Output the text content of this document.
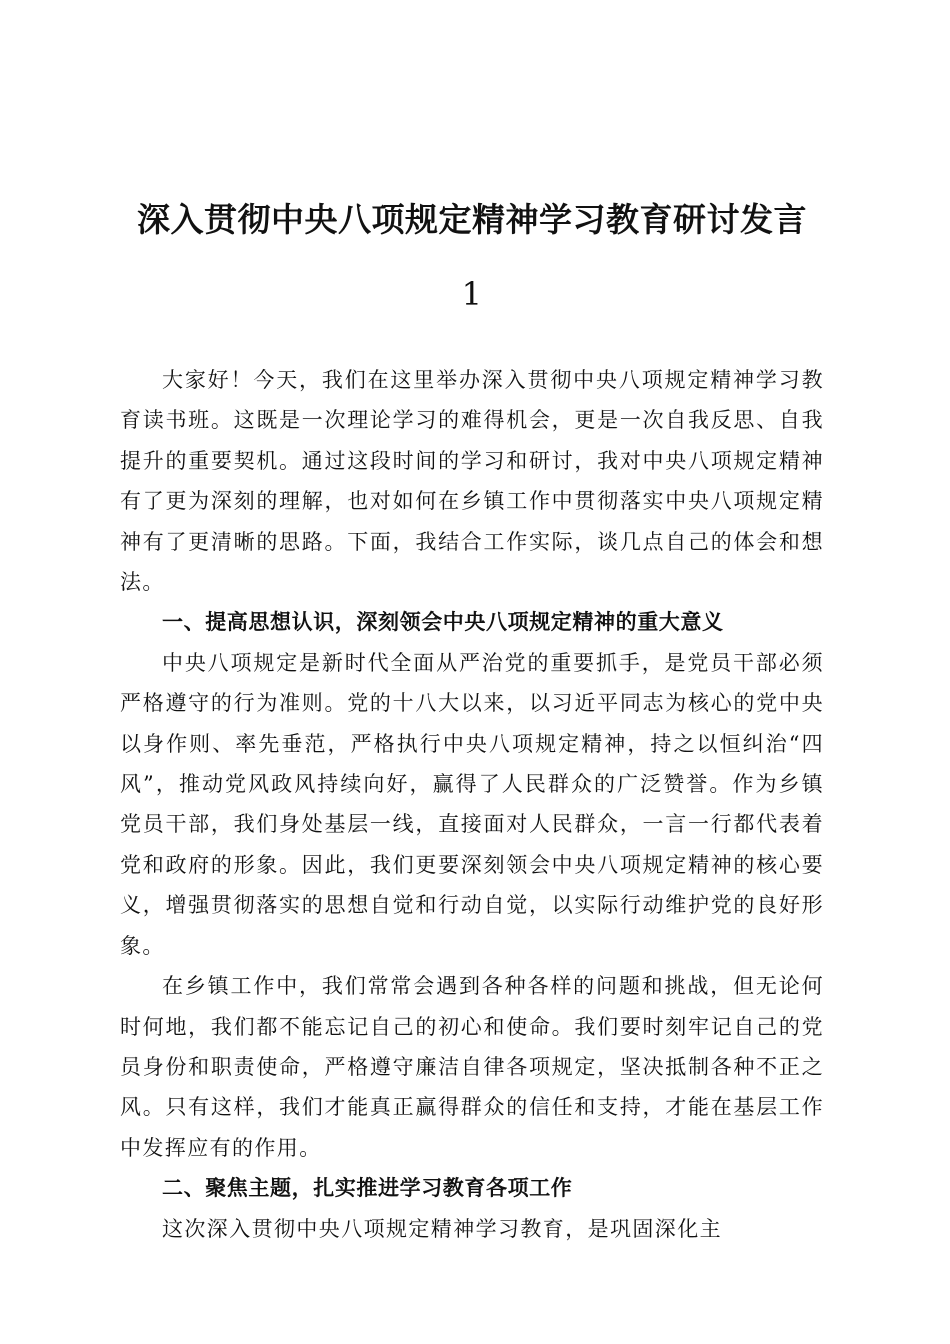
深入贯彻中央八项规定精神学习教育研讨发言
1

大家好！今天，我们在这里举办深入贯彻中央八项规定精神学习教育读书班。这既是一次理论学习的难得机会，更是一次自我反思、自我提升的重要契机。通过这段时间的学习和研讨，我对中央八项规定精神有了更为深刻的理解，也对如何在乡镇工作中贯彻落实中央八项规定精神有了更清晰的思路。下面，我结合工作实际，谈几点自己的体会和想法。

一、提高思想认识，深刻领会中央八项规定精神的重大意义

中央八项规定是新时代全面从严治党的重要抓手，是党员干部必须严格遵守的行为准则。党的十八大以来，以习近平同志为核心的党中央以身作则、率先垂范，严格执行中央八项规定精神，持之以恒纠治“四风”，推动党风政风持续向好，赢得了人民群众的广泛赞誉。作为乡镇党员干部，我们身处基层一线，直接面对人民群众，一言一行都代表着党和政府的形象。因此，我们更要深刻领会中央八项规定精神的核心要义，增强贯彻落实的思想自觉和行动自觉，以实际行动维护党的良好形象。

在乡镇工作中，我们常常会遇到各种各样的问题和挑战，但无论何时何地，我们都不能忘记自己的初心和使命。我们要时刻牢记自己的党员身份和职责使命，严格遵守廉洁自律各项规定，坚决抵制各种不正之风。只有这样，我们才能真正赢得群众的信任和支持，才能在基层工作中发挥应有的作用。

二、聚焦主题，扎实推进学习教育各项工作

这次深入贯彻中央八项规定精神学习教育，是巩固深化主
